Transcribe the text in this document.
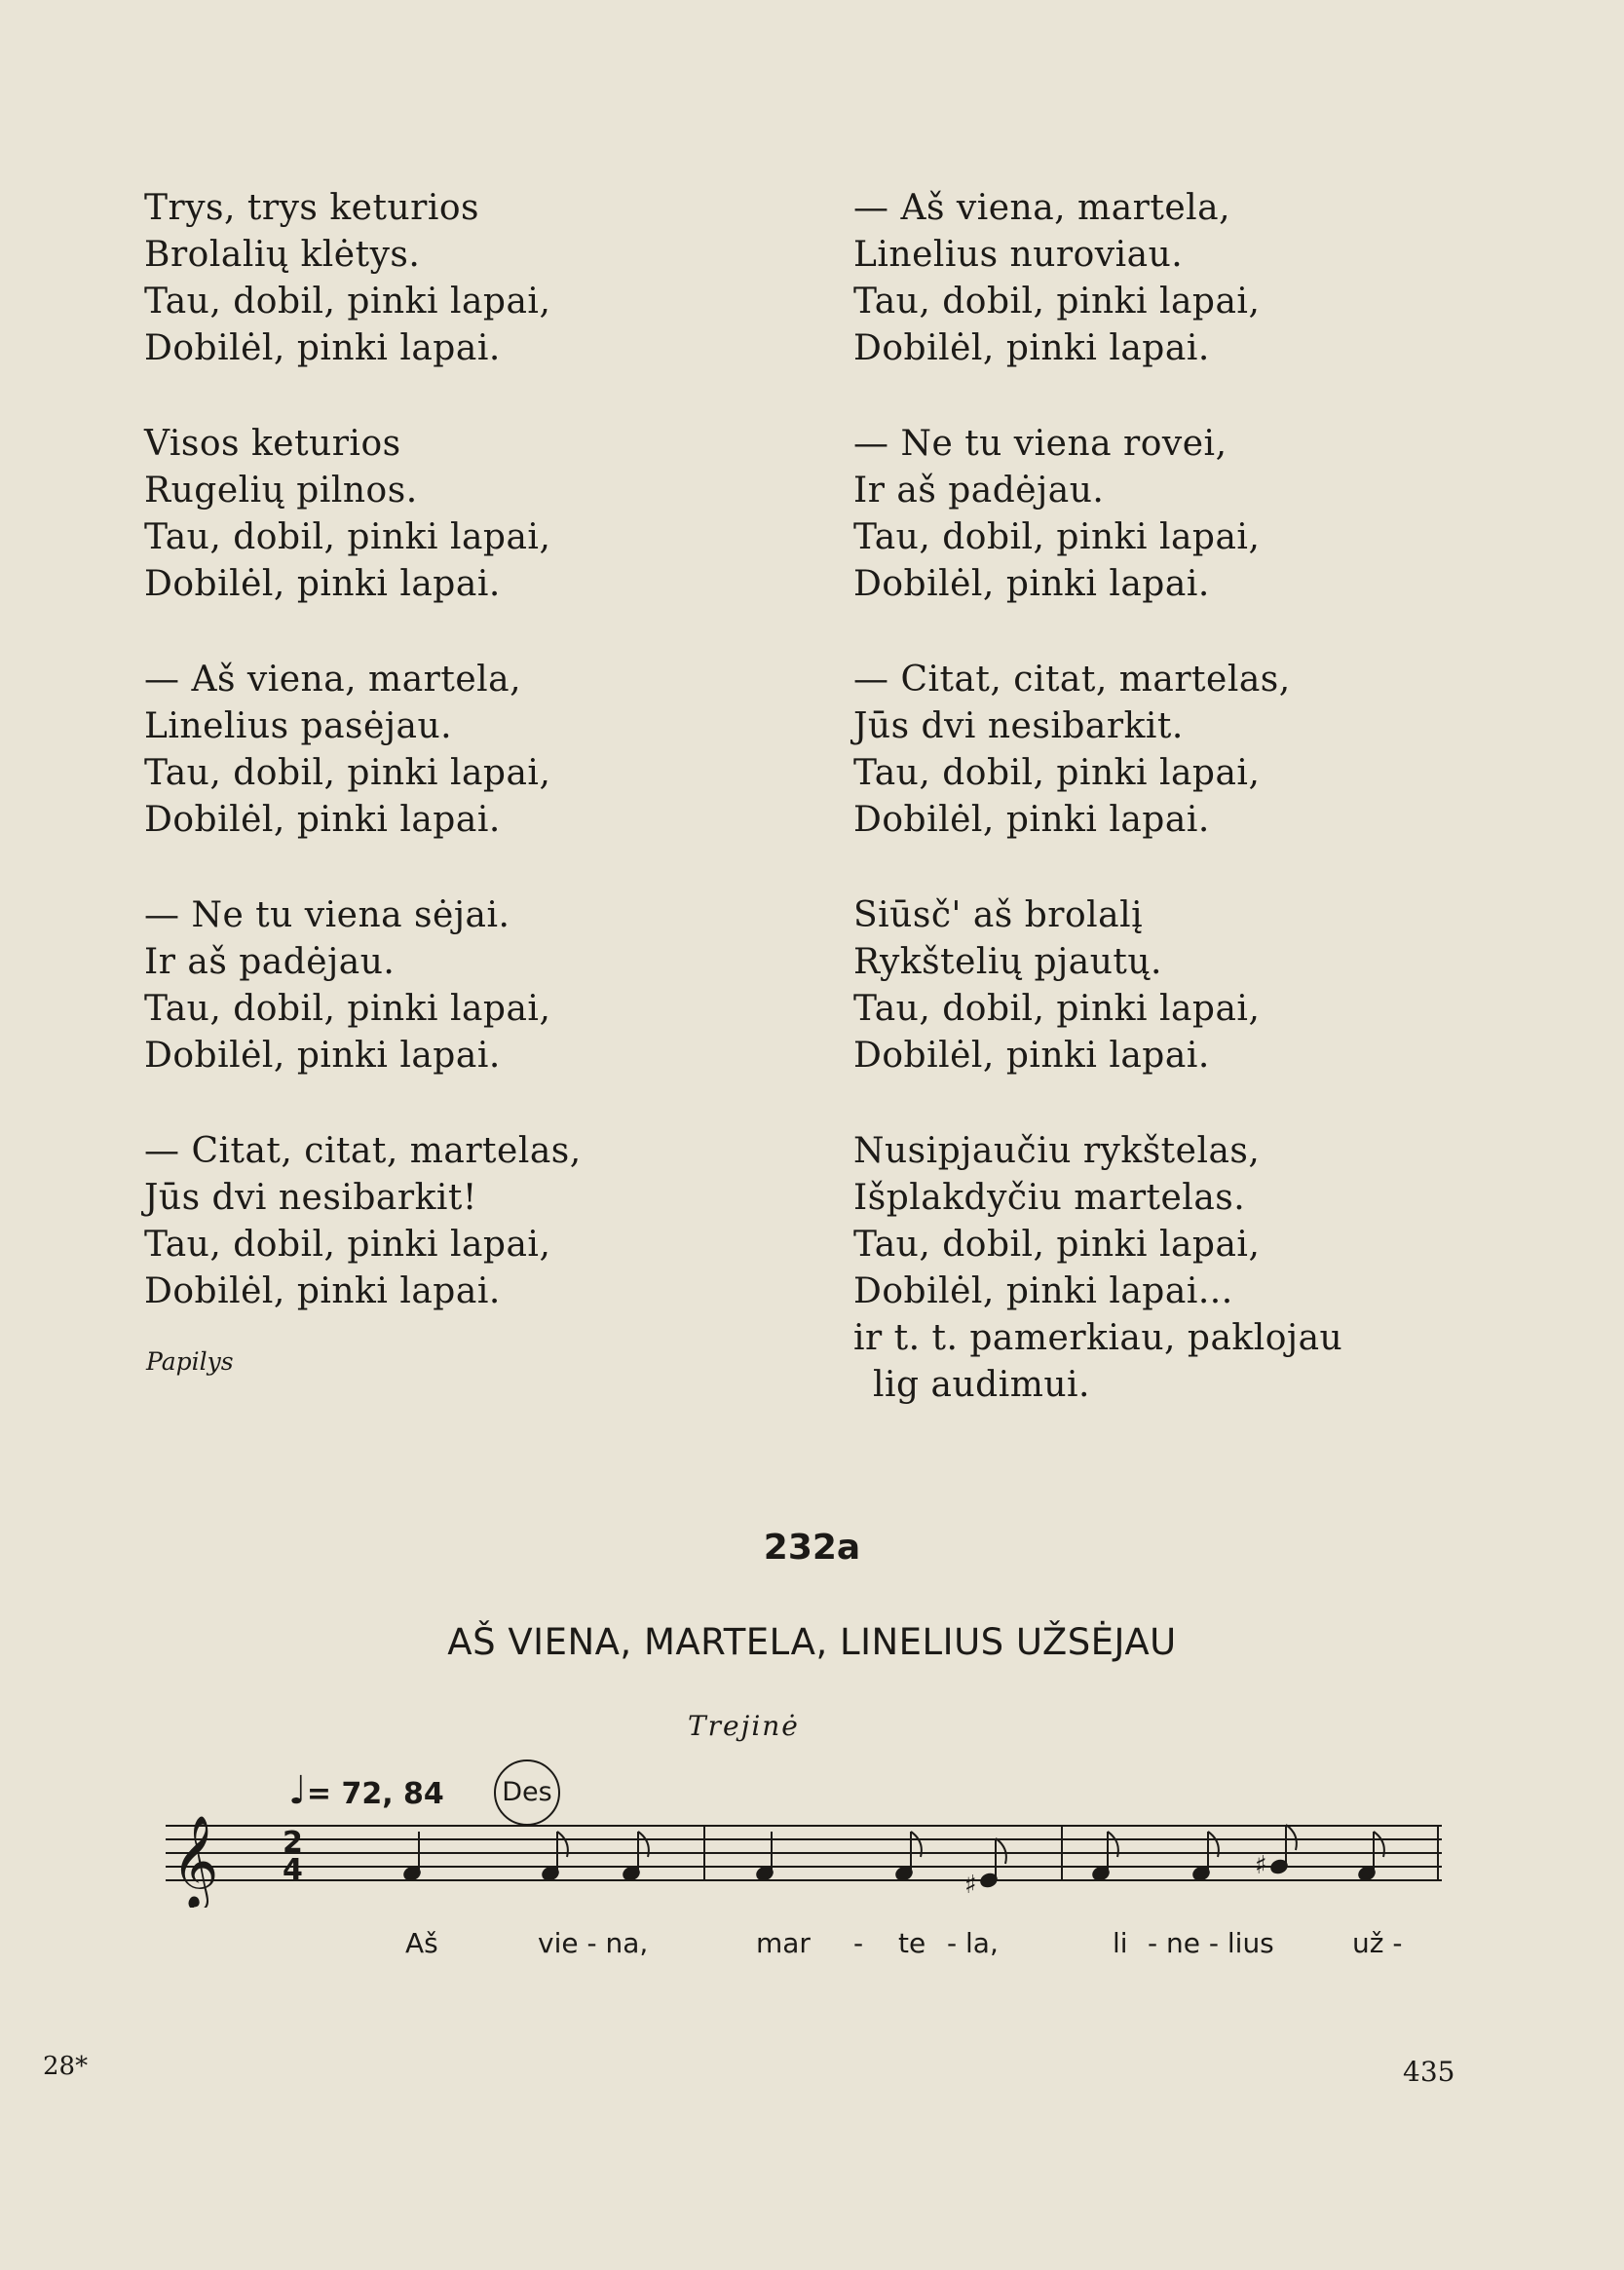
Trys, trys keturios
Brolalių klėtys.
Tau, dobil, pinki lapai,
Dobilėl, pinki lapai.
Visos keturios
Rugelių pilnos.
Tau, dobil, pinki lapai,
Dobilėl, pinki lapai.
— Aš viena, martela,
Linelius pasėjau.
Tau, dobil, pinki lapai,
Dobilėl, pinki lapai.
— Ne tu viena sėjai.
Ir aš padėjau.
Tau, dobil, pinki lapai,
Dobilėl, pinki lapai.
— Citat, citat, martelas,
Jūs dvi nesibarkit!
Tau, dobil, pinki lapai,
Dobilėl, pinki lapai.
— Aš viena, martela,
Linelius nuroviau.
Tau, dobil, pinki lapai,
Dobilėl, pinki lapai.
— Ne tu viena rovei,
Ir aš padėjau.
Tau, dobil, pinki lapai,
Dobilėl, pinki lapai.
— Citat, citat, martelas,
Jūs dvi nesibarkit.
Tau, dobil, pinki lapai,
Dobilėl, pinki lapai.
Siūsč' aš brolalį
Rykštelių pjautų.
Tau, dobil, pinki lapai,
Dobilėl, pinki lapai.
Nusipjaučiu rykštelas,
Išplakdyčiu martelas.
Tau, dobil, pinki lapai,
Dobilėl, pinki lapai...
ir t. t. pamerkiau, paklojau
lig audimui.
Papilys
232a
AŠ VIENA, MARTELA, LINELIUS UŽSĖJAU
Trejinė
♩= 72, 84	Des
𝄞 2
4	♯
♯
Aš	vie - na,	mar - te - la,	li - ne - lius	už -
28*	435
